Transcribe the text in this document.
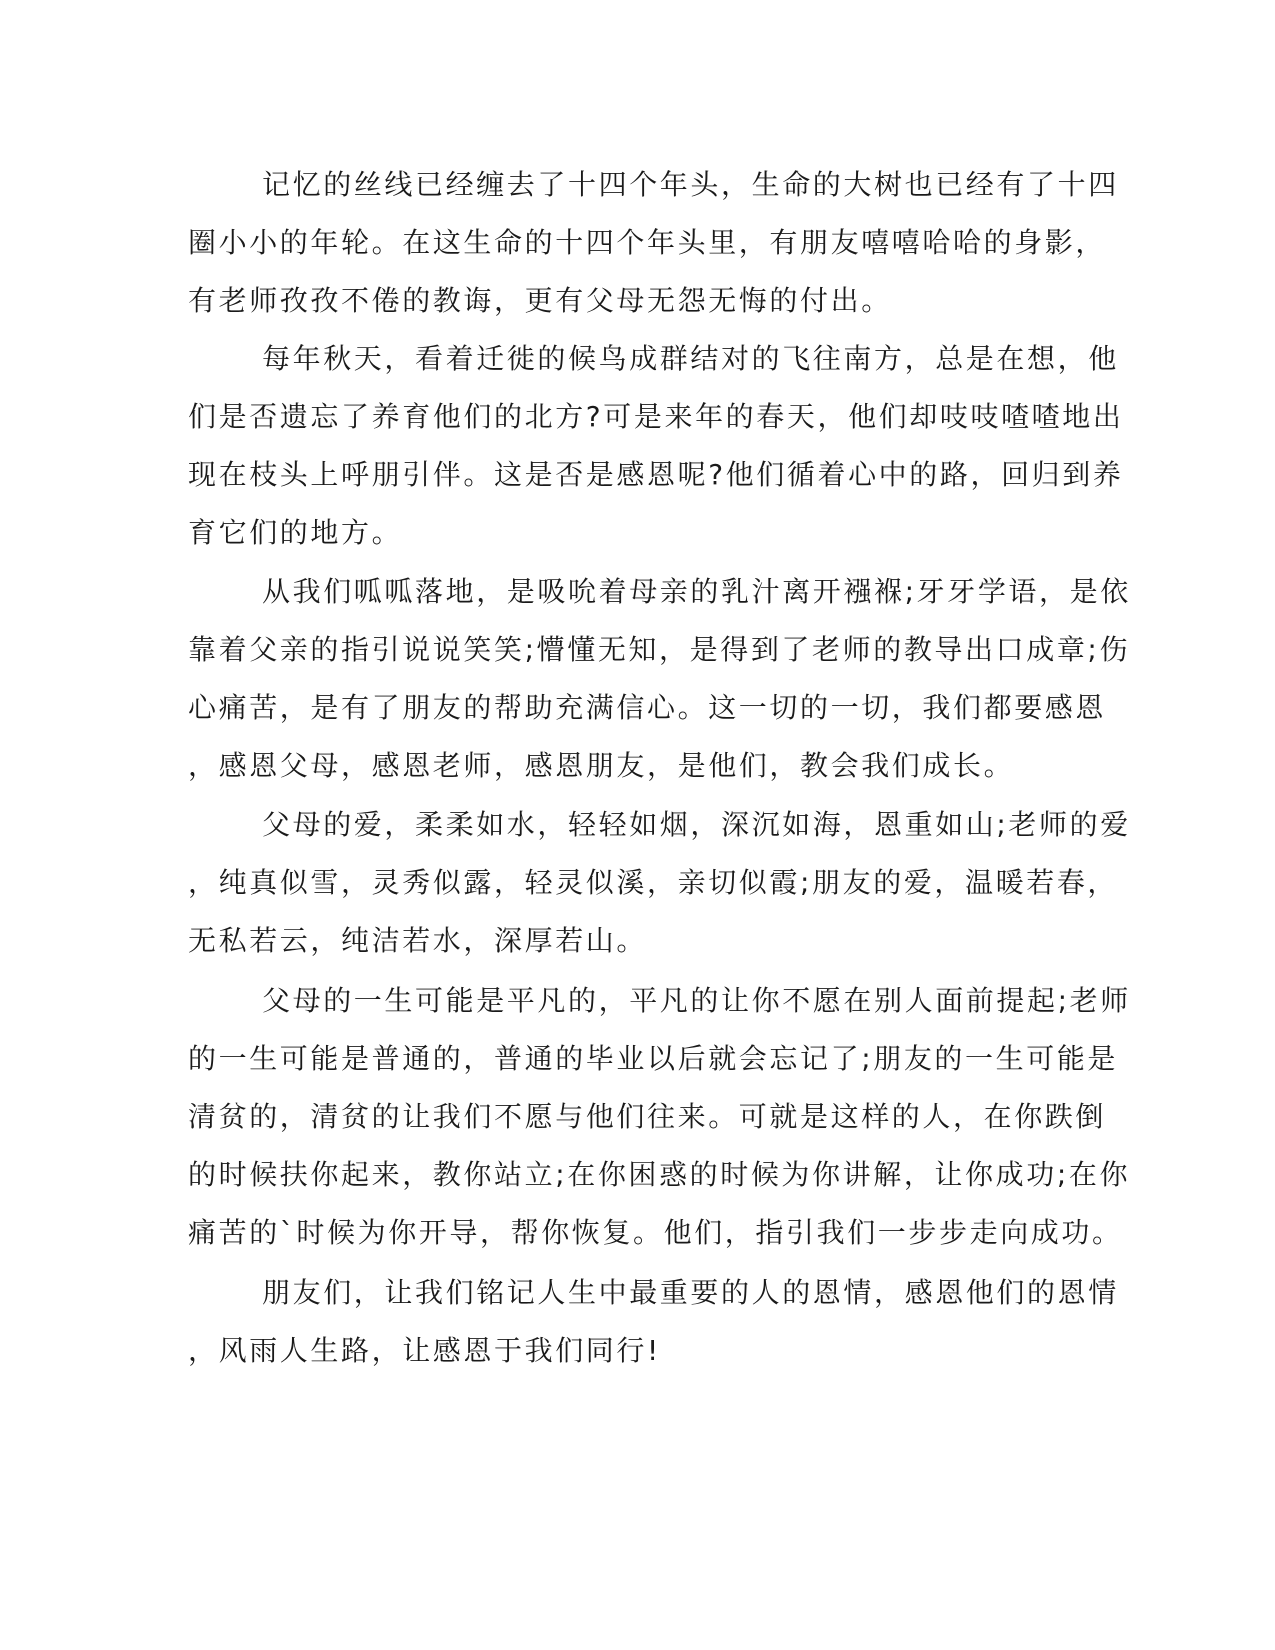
记忆的丝线已经缠去了十四个年头，生命的大树也已经有了十四
圈小小的年轮。在这生命的十四个年头里，有朋友嘻嘻哈哈的身影，
有老师孜孜不倦的教诲，更有父母无怨无悔的付出。
每年秋天，看着迁徙的候鸟成群结对的飞往南方，总是在想，他
们是否遗忘了养育他们的北方?可是来年的春天，他们却吱吱喳喳地出
现在枝头上呼朋引伴。这是否是感恩呢?他们循着心中的路，回归到养
育它们的地方。
从我们呱呱落地，是吸吮着母亲的乳汁离开襁褓;牙牙学语，是依
靠着父亲的指引说说笑笑;懵懂无知，是得到了老师的教导出口成章;伤
心痛苦，是有了朋友的帮助充满信心。这一切的一切，我们都要感恩
，感恩父母，感恩老师，感恩朋友，是他们，教会我们成长。
父母的爱，柔柔如水，轻轻如烟，深沉如海，恩重如山;老师的爱
，纯真似雪，灵秀似露，轻灵似溪，亲切似霞;朋友的爱，温暖若春，
无私若云，纯洁若水，深厚若山。
父母的一生可能是平凡的，平凡的让你不愿在别人面前提起;老师
的一生可能是普通的，普通的毕业以后就会忘记了;朋友的一生可能是
清贫的，清贫的让我们不愿与他们往来。可就是这样的人，在你跌倒
的时候扶你起来，教你站立;在你困惑的时候为你讲解，让你成功;在你
痛苦的`时候为你开导，帮你恢复。他们，指引我们一步步走向成功。
朋友们，让我们铭记人生中最重要的人的恩情，感恩他们的恩情
，风雨人生路，让感恩于我们同行!
